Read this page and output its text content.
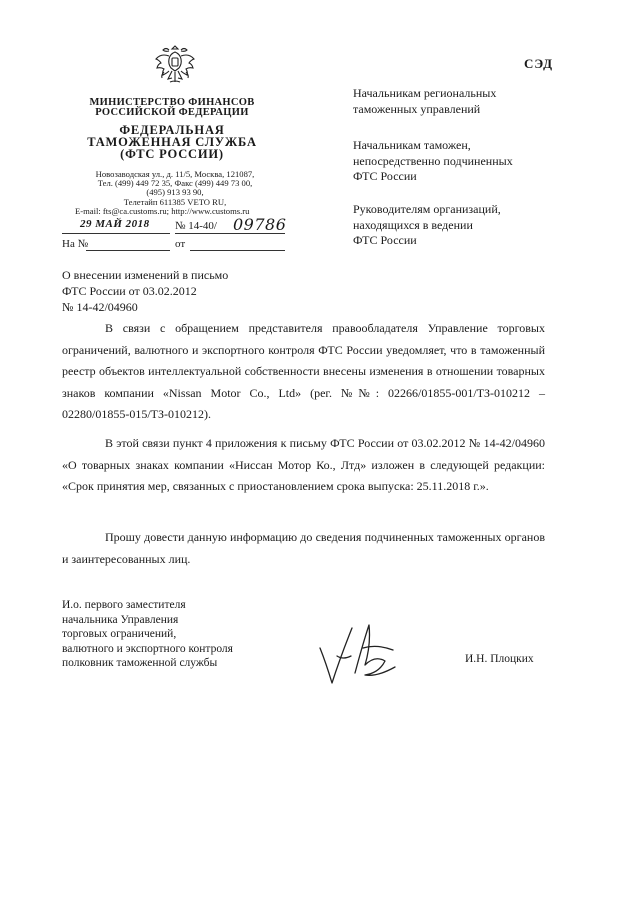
СЭД
МИНИСТЕРСТВО ФИНАНСОВ
РОССИЙСКОЙ ФЕДЕРАЦИИ
ФЕДЕРАЛЬНАЯ
ТАМОЖЕННАЯ СЛУЖБА
(ФТС РОССИИ)
Новозаводская ул., д. 11/5, Москва, 121087,
Тел. (499) 449 72 35, Факс (499) 449 73 00,
(495) 913 93 90,
Телетайп 611385 VETO RU,
E-mail: fts@ca.customs.ru; http://www.customs.ru
29 МАЙ 2018 № 14-40/ 09786
На №	от
Начальникам региональных
таможенных управлений
Начальникам таможен,
непосредственно подчиненных
ФТС России
Руководителям организаций,
находящихся в ведении
ФТС России
О внесении изменений в письмо
ФТС России от 03.02.2012
№ 14-42/04960

В связи с обращением представителя правообладателя Управление торговых ограничений, валютного и экспортного контроля ФТС России уведомляет, что в таможенный реестр объектов интеллектуальной собственности внесены изменения в отношении товарных знаков компании «Nissan Motor Co., Ltd» (рег. №№: 02266/01855-001/ТЗ-010212 – 02280/01855-015/ТЗ-010212).

В этой связи пункт 4 приложения к письму ФТС России от 03.02.2012 № 14-42/04960 «О товарных знаках компании «Ниссан Мотор Ко., Лтд» изложен в следующей редакции: «Срок принятия мер, связанных с приостановлением срока выпуска: 25.11.2018 г.».

Прошу довести данную информацию до сведения подчиненных таможенных органов и заинтересованных лиц.

И.о. первого заместителя
начальника Управления
торговых ограничений,
валютного и экспортного контроля
полковник таможенной службы	И.Н. Плоцких
